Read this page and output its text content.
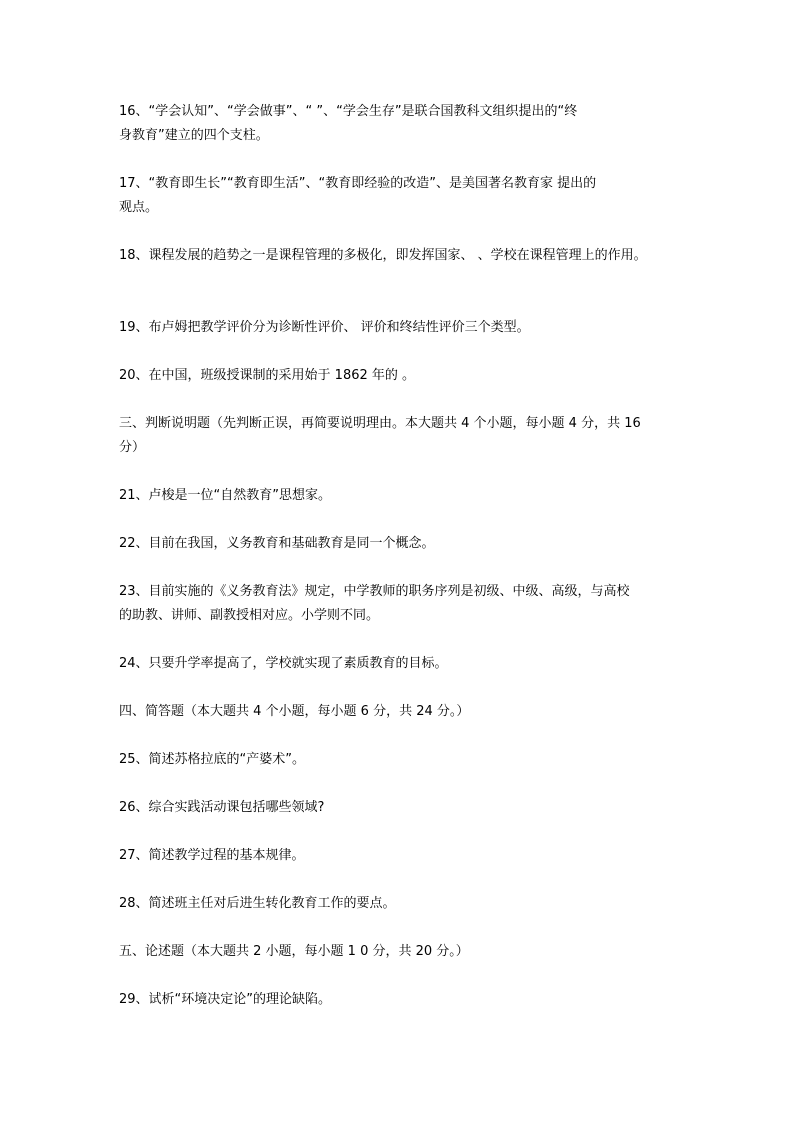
16、“学会认知”、“学会做事”、“ ”、“学会生存”是联合国教科文组织提出的“终
身教育”建立的四个支柱。
17、“教育即生长”“教育即生活”、“教育即经验的改造”、是美国著名教育家 提出的
观点。
18、课程发展的趋势之一是课程管理的多极化，即发挥国家、 、学校在课程管理上的作用。
19、布卢姆把教学评价分为诊断性评价、 评价和终结性评价三个类型。
20、在中国，班级授课制的采用始于 1862 年的 。
三、判断说明题（先判断正误，再简要说明理由。本大题共 4 个小题，每小题 4 分，共 16
分）
21、卢梭是一位“自然教育”思想家。
22、目前在我国，义务教育和基础教育是同一个概念。
23、目前实施的《义务教育法》规定，中学教师的职务序列是初级、中级、高级，与高校
的助教、讲师、副教授相对应。小学则不同。
24、只要升学率提高了，学校就实现了素质教育的目标。
四、简答题（本大题共 4 个小题，每小题 6 分，共 24 分。）
25、简述苏格拉底的“产婆术”。
26、综合实践活动课包括哪些领域?
27、简述教学过程的基本规律。
28、简述班主任对后进生转化教育工作的要点。
五、论述题（本大题共 2 小题，每小题 1 0 分，共 20 分。）
29、试析“环境决定论”的理论缺陷。
